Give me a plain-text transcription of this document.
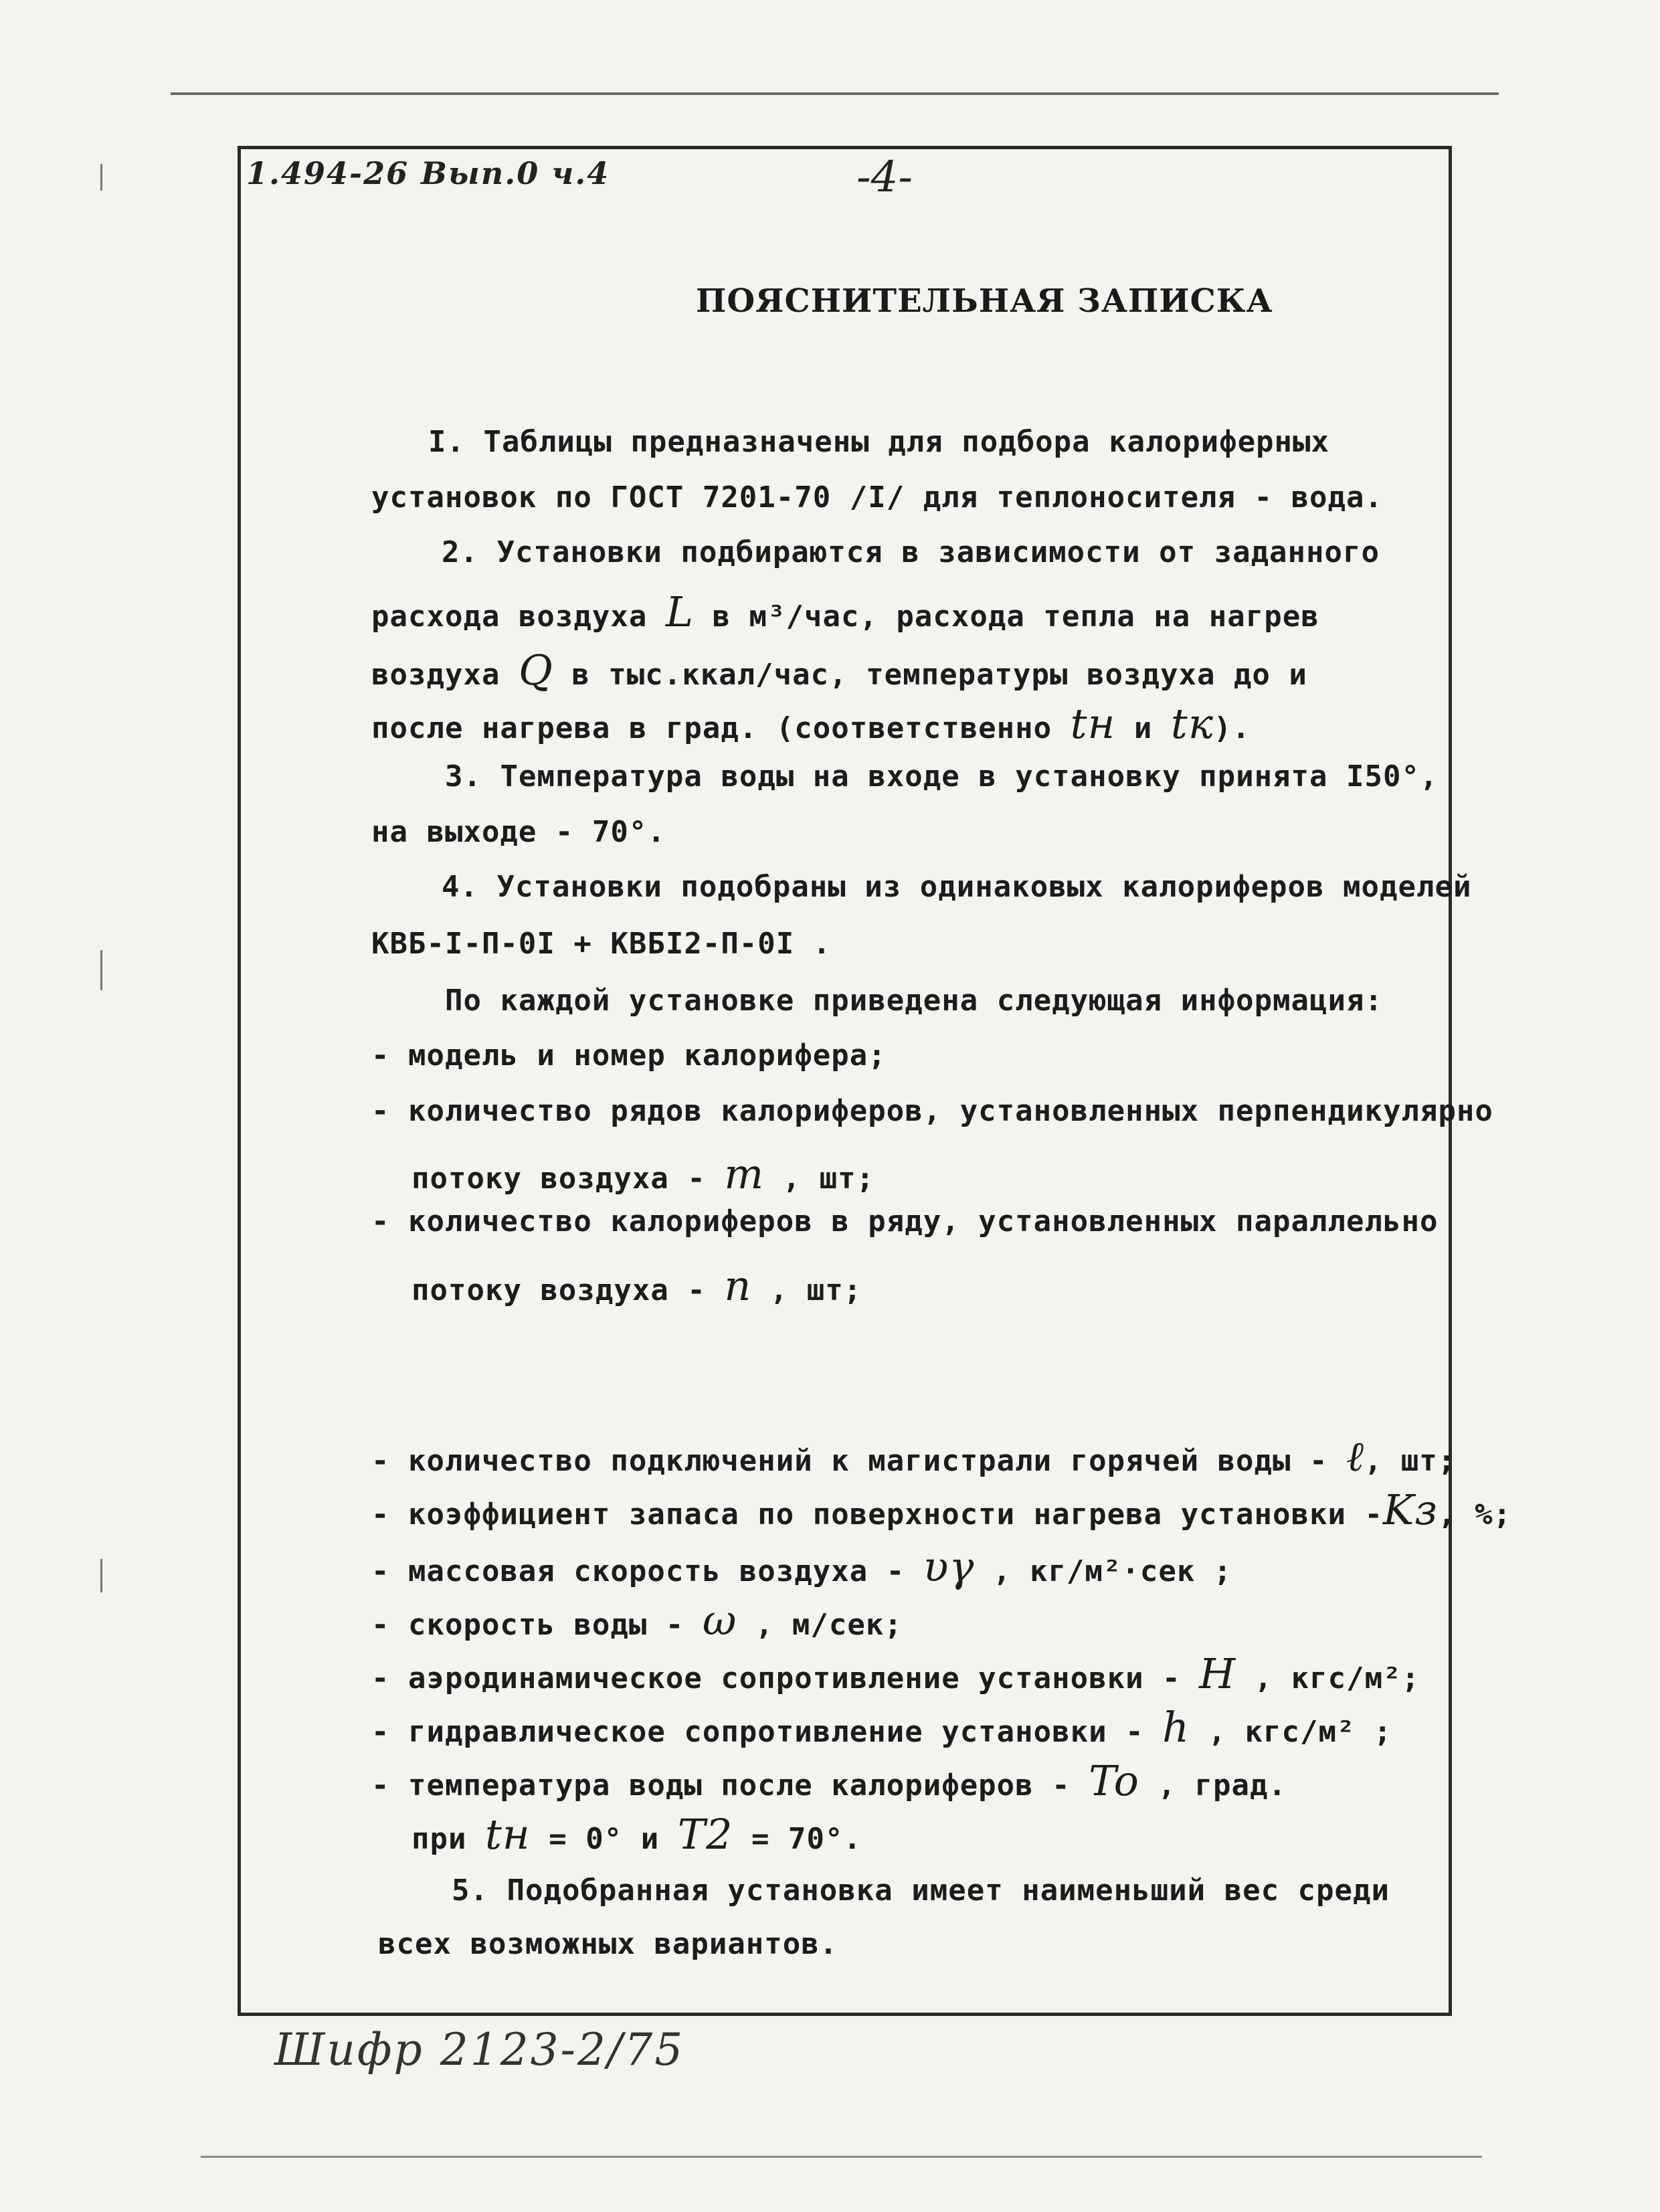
1.494-26 Вып.0 ч.4	-4-
ПОЯСНИТЕЛЬНАЯ ЗАПИСКА
I. Таблицы предназначены для подбора калориферных
установок по ГОСТ 7201-70 /I/ для теплоносителя - вода.
2. Установки подбираются в зависимости от заданного
расхода воздуха L в м³/час, расхода тепла на нагрев
воздуха Q в тыс.ккал/час, температуры воздуха до и
после нагрева в град. (соответственно tн и tк).
3. Температура воды на входе в установку принята I50°,
на выходе - 70°.
4. Установки подобраны из одинаковых калориферов моделей
КВБ-I-П-0I + КВБI2-П-0I .
По каждой установке приведена следующая информация:
- модель и номер калорифера;
- количество рядов калориферов, установленных перпендикулярно
потоку воздуха - m , шт;
- количество калориферов в ряду, установленных параллельно
потоку воздуха - n , шт;
- количество подключений к магистрали горячей воды - ℓ, шт;
- коэффициент запаса по поверхности нагрева установки -Kз, %;
- массовая скорость воздуха - υγ , кг/м²·сек ;
- скорость воды - ω , м/сек;
- аэродинамическое сопротивление установки - H , кгс/м²;
- гидравлическое сопротивление установки - h , кгс/м² ;
- температура воды после калориферов - To , град.
при tн = 0° и T2 = 70°.
5. Подобранная установка имеет наименьший вес среди
всех возможных вариантов.
Шифр 2123-2/75
